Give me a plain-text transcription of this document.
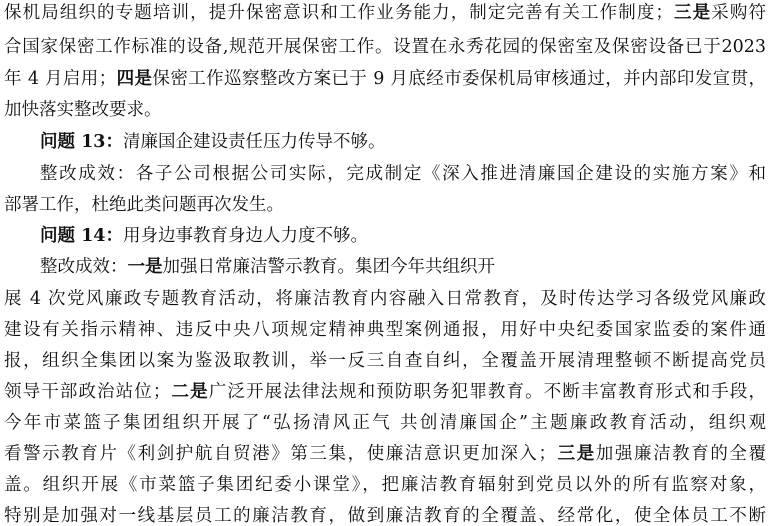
保机局组织的专题培训，提升保密意识和工作业务能力，制定完善有关工作制度；三是采购符
合国家保密工作标准的设备,规范开展保密工作。设置在永秀花园的保密室及保密设备已于2023
年 4 月启用；四是保密工作巡察整改方案已于 9 月底经市委保机局审核通过，并内部印发宣贯，
加快落实整改要求。
问题 13：清廉国企建设责任压力传导不够。
整改成效：各子公司根据公司实际，完成制定《深入推进清廉国企建设的实施方案》和
部署工作，杜绝此类问题再次发生。
问题 14：用身边事教育身边人力度不够。
整改成效：一是加强日常廉洁警示教育。集团今年共组织开
展 4 次党风廉政专题教育活动，将廉洁教育内容融入日常教育，及时传达学习各级党风廉政
建设有关指示精神、违反中央八项规定精神典型案例通报，用好中央纪委国家监委的案件通
报，组织全集团以案为鉴汲取教训，举一反三自查自纠，全覆盖开展清理整顿不断提高党员
领导干部政治站位；二是广泛开展法律法规和预防职务犯罪教育。不断丰富教育形式和手段，
今年市菜篮子集团组织开展了“弘扬清风正气 共创清廉国企”主题廉政教育活动，组织观
看警示教育片《利剑护航自贸港》第三集，使廉洁意识更加深入；三是加强廉洁教育的全覆
盖。组织开展《市菜篮子集团纪委小课堂》，把廉洁教育辐射到党员以外的所有监察对象，
特别是加强对一线基层员工的廉洁教育，做到廉洁教育的全覆盖、经常化，使全体员工不断
